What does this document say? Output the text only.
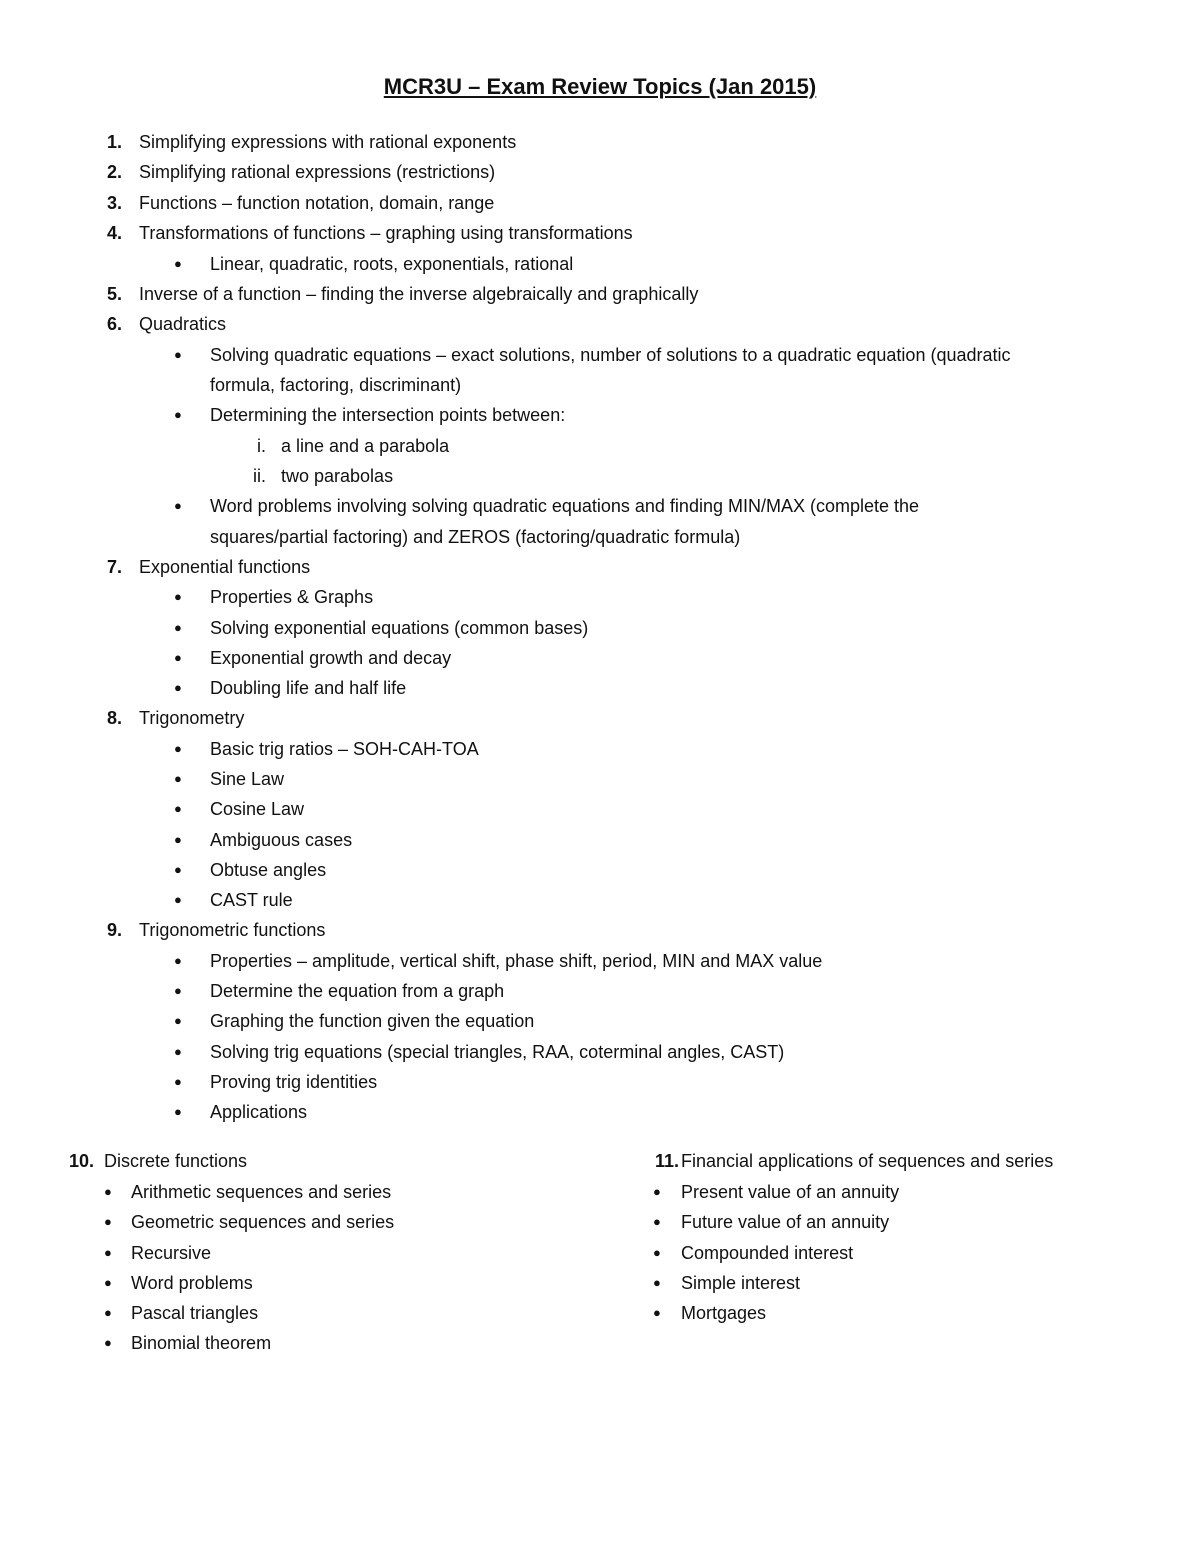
MCR3U – Exam Review Topics (Jan 2015)
1. Simplifying expressions with rational exponents
2. Simplifying rational expressions (restrictions)
3. Functions – function notation, domain, range
4. Transformations of functions – graphing using transformations
● Linear, quadratic, roots, exponentials, rational
5. Inverse of a function – finding the inverse algebraically and graphically
6. Quadratics
● Solving quadratic equations – exact solutions, number of solutions to a quadratic equation (quadratic
formula, factoring, discriminant)
● Determining the intersection points between:
i. a line and a parabola
ii. two parabolas
● Word problems involving solving quadratic equations and finding MIN/MAX (complete the
squares/partial factoring) and ZEROS (factoring/quadratic formula)
7. Exponential functions
● Properties & Graphs
● Solving exponential equations (common bases)
● Exponential growth and decay
● Doubling life and half life
8. Trigonometry
● Basic trig ratios – SOH-CAH-TOA
● Sine Law
● Cosine Law
● Ambiguous cases
● Obtuse angles
● CAST rule
9. Trigonometric functions
● Properties – amplitude, vertical shift, phase shift, period, MIN and MAX value
● Determine the equation from a graph
● Graphing the function given the equation
● Solving trig equations (special triangles, RAA, coterminal angles, CAST)
● Proving trig identities
● Applications
10. Discrete functions
● Arithmetic sequences and series
● Geometric sequences and series
● Recursive
● Word problems
● Pascal triangles
● Binomial theorem
11. Financial applications of sequences and series
● Present value of an annuity
● Future value of an annuity
● Compounded interest
● Simple interest
● Mortgages
